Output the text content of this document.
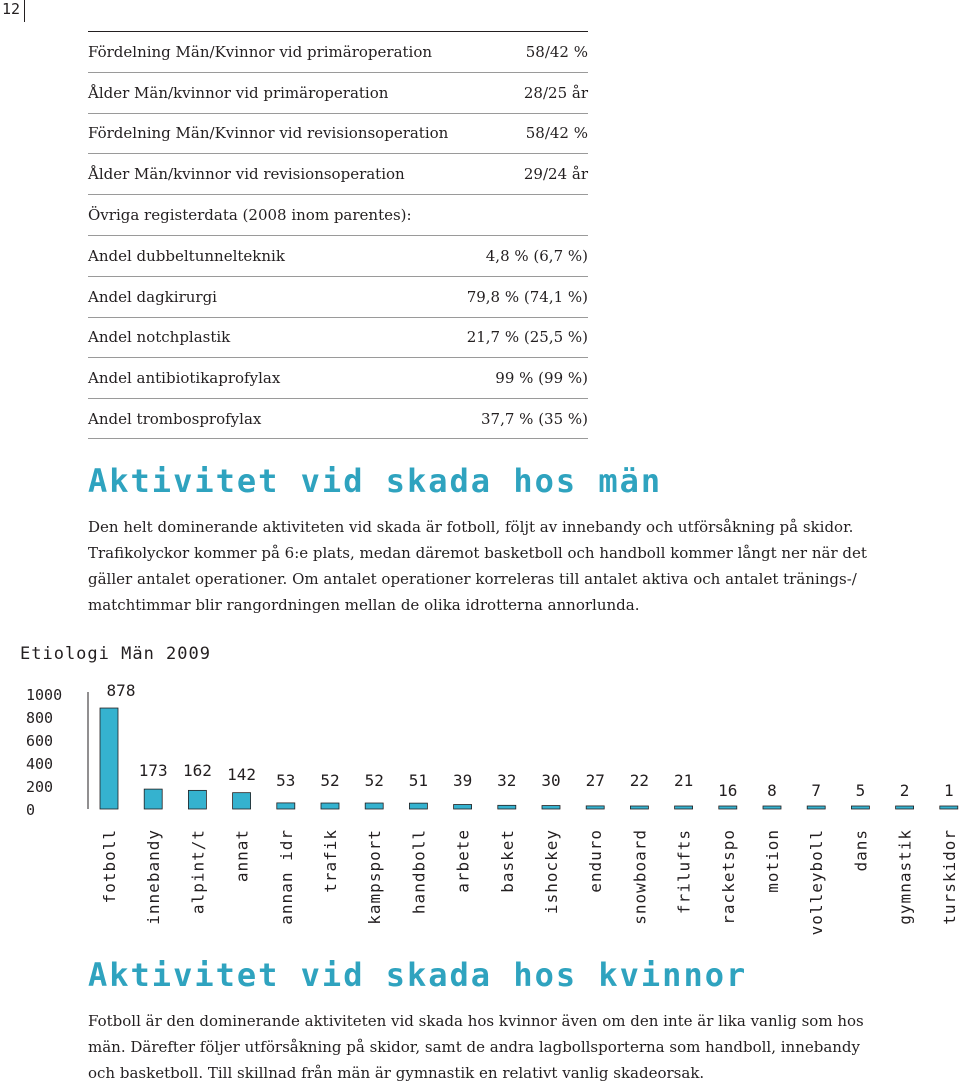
12
Fördelning Män/Kvinnor vid primäroperation	58/42 %
Ålder Män/kvinnor vid primäroperation	28/25 år
Fördelning Män/Kvinnor vid revisionsoperation	58/42 %
Ålder Män/kvinnor vid revisionsoperation	29/24 år
Övriga registerdata (2008 inom parentes):
Andel dubbeltunnelteknik	4,8 % (6,7 %)
Andel dagkirurgi	79,8 % (74,1 %)
Andel notchplastik	21,7 % (25,5 %)
Andel antibiotikaprofylax	99 % (99 %)
Andel trombosprofylax	37,7 % (35 %)
Aktivitet vid skada hos män
Den helt dominerande aktiviteten vid skada är fotboll, följt av innebandy och utförsåkning på skidor. Trafikolyckor kommer på 6:e plats, medan däremot basketboll och handboll kommer långt ner när det gäller antalet operationer. Om antalet operationer korreleras till antalet aktiva och antalet tränings-/ matchtimmar blir rangordningen mellan de olika idrotterna annorlunda.
Etiologi Män 2009
1000
800
600
400
200
0
878
fotboll
173
innebandy
162
alpint/t
142
annat
53
annan idr
52
trafik
52
kampsport
51
handboll
39
arbete
32
basket
30
ishockey
27
enduro
22
snowboard
21
frilufts
16
racketspo
8
motion
7
volleyboll
5
dans
2
gymnastik
1
turskidor
Aktivitet vid skada hos kvinnor
Fotboll är den dominerande aktiviteten vid skada hos kvinnor även om den inte är lika vanlig som hos män. Därefter följer utförsåkning på skidor, samt de andra lagbollsporterna som handboll, innebandy och basketboll. Till skillnad från män är gymnastik en relativt vanlig skadeorsak.
